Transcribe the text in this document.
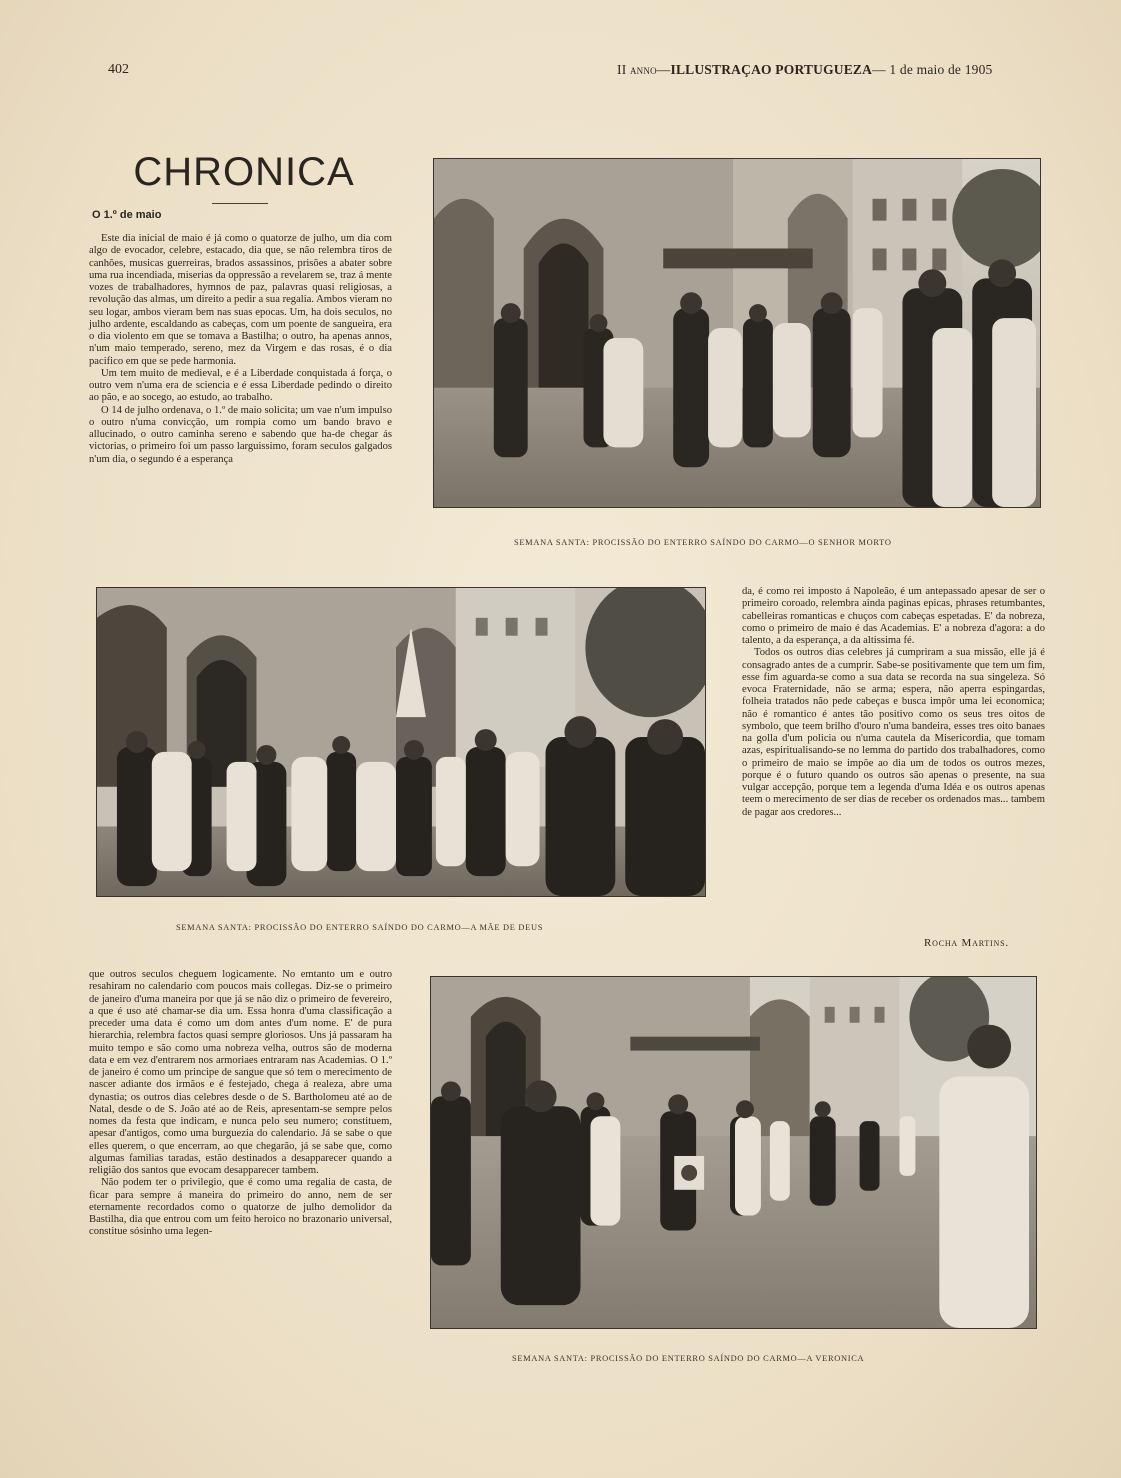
402	II anno—ILLUSTRAÇAO PORTUGUEZA— 1 de maio de 1905
CHRONICA
O 1.º de maio

Este dia inicial de maio é já como o quatorze de julho, um dia com algo de evocador, celebre, estacado, dia que, se não relembra tiros de canhões, musicas guerreiras, brados assassinos, prisões a abater sobre uma rua incendiada, miserias da oppressão a revelarem se, traz á mente vozes de trabalhadores, hymnos de paz, palavras quasi religiosas, a revolução das almas, um direito a pedir a sua regalia. Ambos vieram no seu logar, ambos vieram bem nas suas epocas. Um, ha dois seculos, no julho ardente, escaldando as cabeças, com um poente de sangueira, era o dia violento em que se tomava a Bastilha; o outro, ha apenas annos, n'um maio temperado, sereno, mez da Virgem e das rosas, é o dia pacifico em que se pede harmonia.

Um tem muito de medieval, e é a Liberdade conquistada á força, o outro vem n'uma era de sciencia e é essa Liberdade pedindo o direito ao pão, e ao socego, ao estudo, ao trabalho.

O 14 de julho ordenava, o 1.º de maio solicita; um vae n'um impulso o outro n'uma convicção, um rompia como um bando bravo e allucinado, o outro caminha sereno e sabendo que ha-de chegar ás victorias, o primeiro foi um passo larguissimo, foram seculos galgados n'um dia, o segundo é a esperança

SEMANA SANTA: PROCISSÃO DO ENTERRO SAÍNDO DO CARMO—O SENHOR MORTO
SEMANA SANTA: PROCISSÃO DO ENTERRO SAÍNDO DO CARMO—A MÃE DE DEUS

da, é como rei imposto á Napoleão, é um antepassado apesar de ser o primeiro coroado, relembra ainda paginas epicas, phrases retumbantes, cabelleiras romanticas e chuços com cabeças espetadas. E' da nobreza, como o primeiro de maio é das Academias. E' a nobreza d'agora: a do talento, a da esperança, a da altissima fé.

Todos os outros dias celebres já cumpriram a sua missão, elle já é consagrado antes de a cumprir. Sabe-se positivamente que tem um fim, esse fim aguarda-se como a sua data se recorda na sua singeleza. Só evoca Fraternidade, não se arma; espera, não aperra espingardas, folheia tratados não pede cabeças e busca impôr uma lei economica; não é romantico é antes tão positivo como os seus tres oitos de symbolo, que teem brilho d'ouro n'uma bandeira, esses tres oito banaes na golla d'um policia ou n'uma cautela da Misericordia, que tomam azas, espiritualisando-se no lemma do partido dos trabalhadores, como o primeiro de maio se impõe ao dia um de todos os outros mezes, porque é o futuro quando os outros são apenas o presente, na sua vulgar accepção, porque tem a legenda d'uma Idéa e os outros apenas teem o merecimento de ser dias de receber os ordenados mas... tambem de pagar aos credores...

Rocha Martins.

que outros seculos cheguem logicamente. No emtanto um e outro resahiram no calendario com poucos mais collegas. Diz-se o primeiro de janeiro d'uma maneira por que já se não diz o primeiro de fevereiro, a que é uso até chamar-se dia um. Essa honra d'uma classificação a preceder uma data é como um dom antes d'um nome. E' de pura hierarchia, relembra factos quasi sempre gloriosos. Uns já passaram ha muito tempo e são como uma nobreza velha, outros são de moderna data e em vez d'entrarem nos armoriaes entraram nas Academias. O 1.º de janeiro é como um principe de sangue que só tem o merecimento de nascer adiante dos irmãos e é festejado, chega á realeza, abre uma dynastia; os outros dias celebres desde o de S. Bartholomeu até ao de Natal, desde o de S. João até ao de Reis, apresentam-se sempre pelos nomes da festa que indicam, e nunca pelo seu numero; constituem, apesar d'antigos, como uma burguezia do calendario. Já se sabe o que elles querem, o que encerram, ao que chegarão, já se sabe que, como algumas familias taradas, estão destinados a desapparecer quando a religião dos santos que evocam desapparecer tambem.

Não podem ter o privilegio, que é como uma regalia de casta, de ficar para sempre á maneira do primeiro do anno, nem de ser eternamente recordados como o quatorze de julho demolidor da Bastilha, dia que entrou com um feito heroico no brazonario universal, constitue sósinho uma legen-

SEMANA SANTA: PROCISSÃO DO ENTERRO SAÍNDO DO CARMO—A VERONICA
